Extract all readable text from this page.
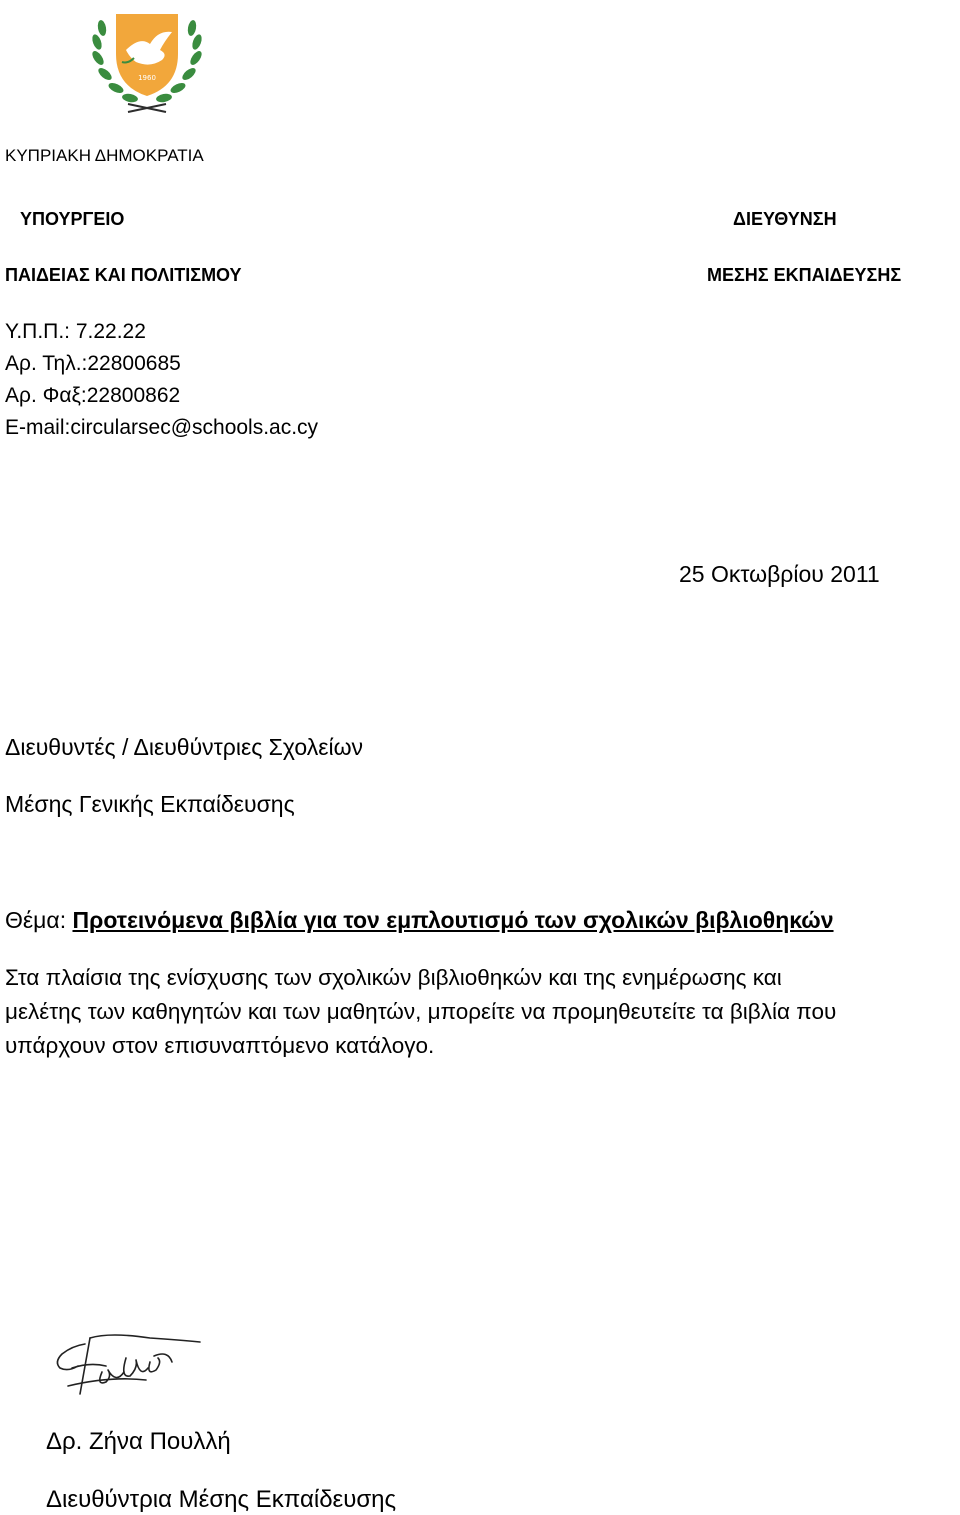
1960
ΚΥΠΡΙΑΚΗ ΔΗΜΟΚΡΑΤΙΑ
ΥΠΟΥΡΓΕΙΟ
ΠΑΙΔΕΙΑΣ ΚΑΙ ΠΟΛΙΤΙΣΜΟΥ
ΔΙΕΥΘΥΝΣΗ
ΜΕΣΗΣ ΕΚΠΑΙΔΕΥΣΗΣ
Υ.Π.Π.: 7.22.22
Αρ. Τηλ.:22800685
Αρ. Φαξ:22800862
E-mail:circularsec@schools.ac.cy
25 Οκτωβρίου 2011
Διευθυντές / Διευθύντριες Σχολείων
Μέσης Γενικής Εκπαίδευσης
Θέμα: Προτεινόμενα βιβλία για τον εμπλουτισμό των σχολικών βιβλιοθηκών
Στα πλαίσια της ενίσχυσης των σχολικών βιβλιοθηκών και της ενημέρωσης και
μελέτης των καθηγητών και των μαθητών, μπορείτε να προμηθευτείτε τα βιβλία που
υπάρχουν στον επισυναπτόμενο κατάλογο.
Δρ. Ζήνα Πουλλή
Διευθύντρια Μέσης Εκπαίδευσης
